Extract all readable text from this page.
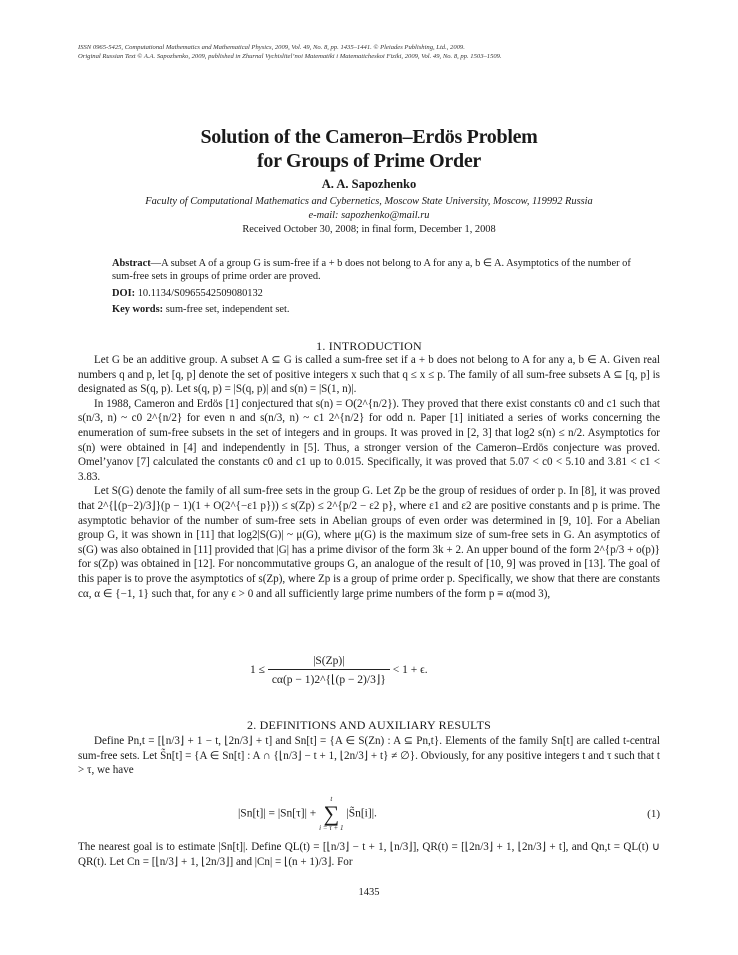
ISSN 0965-5425, Computational Mathematics and Mathematical Physics, 2009, Vol. 49, No. 8, pp. 1435–1441. © Pleiades Publishing, Ltd., 2009.
Original Russian Text © A.A. Sapozhenko, 2009, published in Zhurnal Vychislitel’noi Matematiki i Matematicheskoi Fiziki, 2009, Vol. 49, No. 8, pp. 1503–1509.
Solution of the Cameron–Erdös Problem
for Groups of Prime Order
A. A. Sapozhenko
Faculty of Computational Mathematics and Cybernetics, Moscow State University, Moscow, 119992 Russia
e-mail: sapozhenko@mail.ru
Received October 30, 2008; in final form, December 1, 2008
Abstract—A subset A of a group G is sum-free if a + b does not belong to A for any a, b ∈ A. Asymptotics of the number of sum-free sets in groups of prime order are proved.
DOI: 10.1134/S0965542509080132
Key words: sum-free set, independent set.
1. INTRODUCTION

Let G be an additive group. A subset A ⊆ G is called a sum-free set if a + b does not belong to A for any a, b ∈ A. Given real numbers q and p, let [q, p] denote the set of positive integers x such that q ≤ x ≤ p. The family of all sum-free subsets A ⊆ [q, p] is designated as S(q, p). Let s(q, p) = |S(q, p)| and s(n) = |S(1, n)|.

In 1988, Cameron and Erdös [1] conjectured that s(n) = O(2^{n/2}). They proved that there exist constants c0 and c1 such that s(n/3, n) ~ c0 2^{n/2} for even n and s(n/3, n) ~ c1 2^{n/2} for odd n. Paper [1] initiated a series of works concerning the enumeration of sum-free subsets in the set of integers and in groups. It was proved in [2, 3] that log2 s(n) ≤ n/2. Asymptotics for s(n) were obtained in [4] and independently in [5]. Thus, a stronger version of the Cameron–Erdös conjecture was proved. Omel’yanov [7] calculated the constants c0 and c1 up to 0.015. Specifically, it was proved that 5.07 < c0 < 5.10 and 3.81 < c1 < 3.83.

Let S(G) denote the family of all sum-free sets in the group G. Let Zp be the group of residues of order p. In [8], it was proved that 2^{⌊(p−2)/3⌋}(p − 1)(1 + O(2^{−ε1 p})) ≤ s(Zp) ≤ 2^{p/2 − ε2 p}, where ε1 and ε2 are positive constants and p is prime. The asymptotic behavior of the number of sum-free sets in Abelian groups of even order was determined in [9, 10]. For a Abelian group G, it was shown in [11] that log2|S(G)| ~ μ(G), where μ(G) is the maximum size of sum-free sets in G. An asymptotics of s(G) was also obtained in [11] provided that |G| has a prime divisor of the form 3k + 2. An upper bound of the form 2^{p/3 + o(p)} for s(Zp) was obtained in [12]. For noncommutative groups G, an analogue of the result of [10, 9] was proved in [13]. The goal of this paper is to prove the asymptotics of s(Zp), where Zp is a group of prime order p. Specifically, we show that there are constants cα, α ∈ {−1, 1} such that, for any ϵ > 0 and all sufficiently large prime numbers of the form p ≡ α(mod 3),

$1 \le \frac{|S(Zp)|}{c\alpha(p - 1)2\^{}\{⌊(p - 2)/3⌋\}} < 1 + \epsilon$.
2. DEFINITIONS AND AUXILIARY RESULTS

Define Pn,t = [⌊n/3⌋ + 1 − t, ⌊2n/3⌋ + t] and Sn[t] = {A ∈ S(Zn) : A ⊆ Pn,t}. Elements of the family Sn[t] are called t-central sum-free sets. Let S̃n[t] = {A ∈ Sn[t] : A ∩ {⌊n/3⌋ − t + 1, ⌊2n/3⌋ + t} ≠ ∅}. Obviously, for any positive integers t and τ such that t > τ, we have

|Sn[t]| = |Sn[τ]| +
t
∑
i = τ + 1
|S̃n[i]|.	(1)

The nearest goal is to estimate |Sn[t]|. Define QL(t) = [⌊n/3⌋ − t + 1, ⌊n/3⌋], QR(t) = [⌊2n/3⌋ + 1, ⌊2n/3⌋ + t], and Qn,t = QL(t) ∪ QR(t). Let Cn = [⌊n/3⌋ + 1, ⌊2n/3⌋] and |Cn| = ⌊(n + 1)/3⌋. For

1435
